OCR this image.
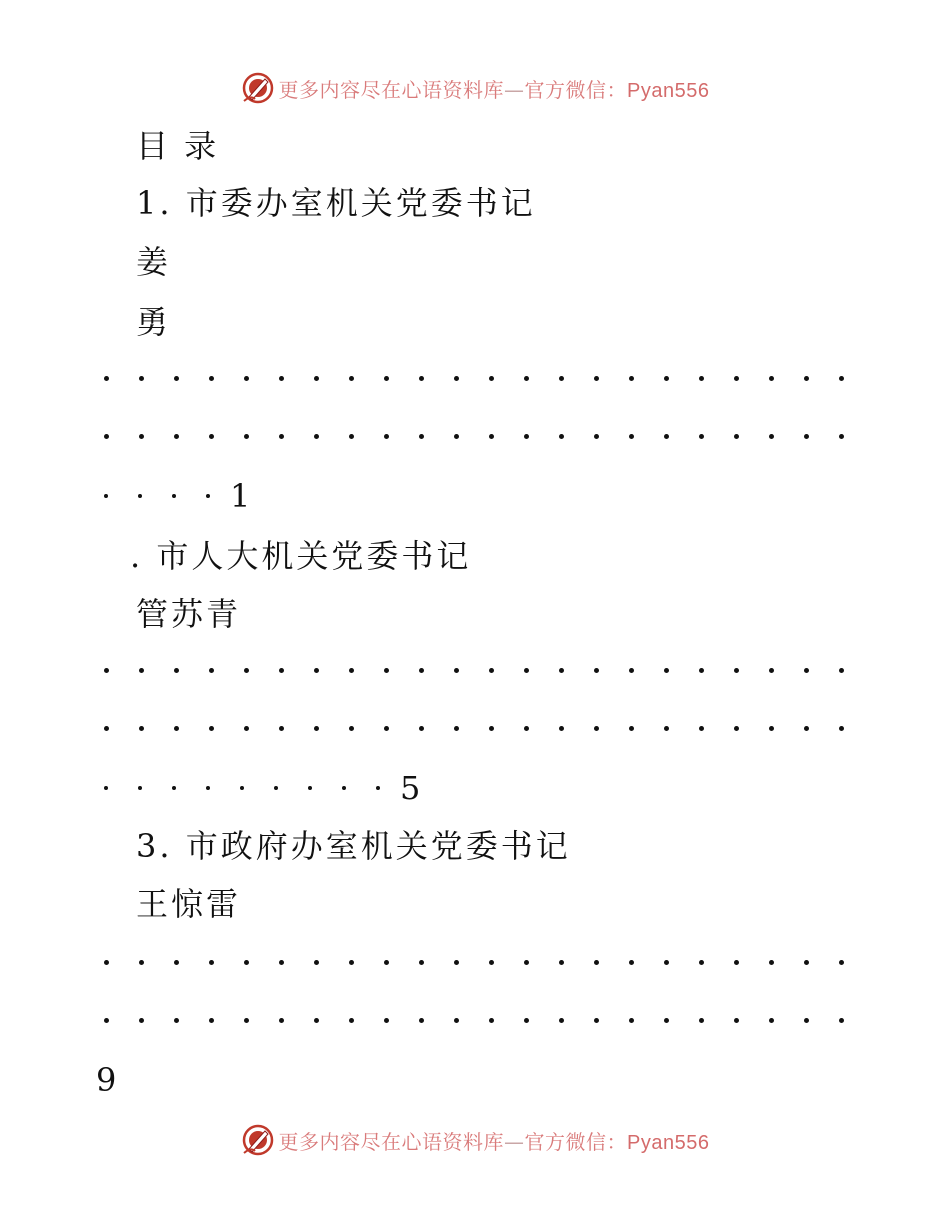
更多内容尽在心语资料库—官方微信：Pyan556
目 录
1. 市委办室机关党委书记
姜
勇
1
. 市人大机关党委书记
管苏青
5
3. 市政府办室机关党委书记
王惊雷
9
更多内容尽在心语资料库—官方微信：Pyan556
